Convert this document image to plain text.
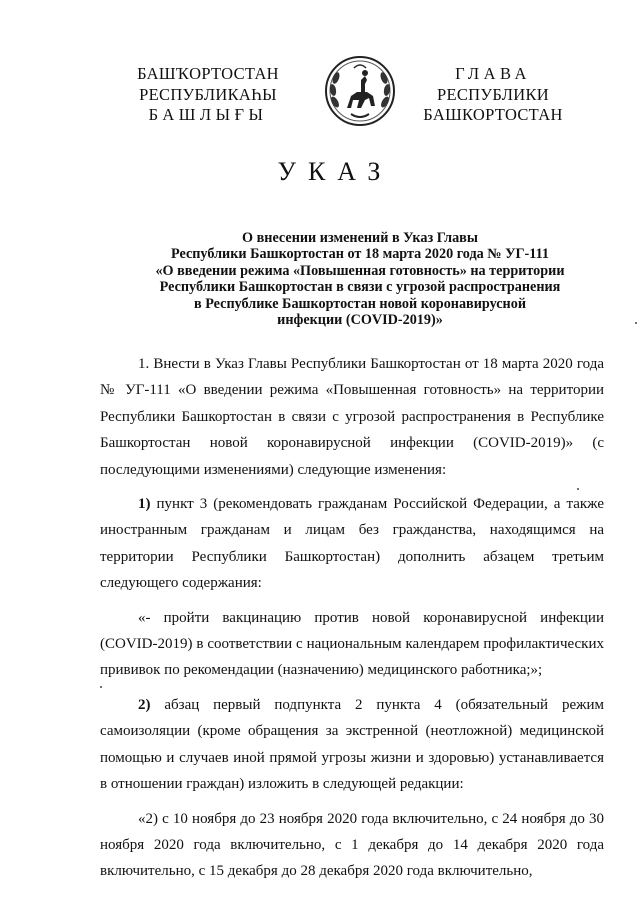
БАШҠОРТОСТАН
РЕСПУБЛИКАҺЫ
БАШЛЫҒЫ
ГЛАВА
РЕСПУБЛИКИ
БАШКОРТОСТАН
УКАЗ
О внесении изменений в Указ Главы
Республики Башкортостан от 18 марта 2020 года № УГ-111
«О введении режима «Повышенная готовность» на территории
Республики Башкортостан в связи с угрозой распространения
в Республике Башкортостан новой коронавирусной
инфекции (COVID-2019)»

1. Внести в Указ Главы Республики Башкортостан от 18 марта 2020 года № УГ-111 «О введении режима «Повышенная готовность» на территории Республики Башкортостан в связи с угрозой распространения в Республике Башкортостан новой коронавирусной инфекции (COVID-2019)» (с последующими изменениями) следующие изменения:

1) пункт 3 (рекомендовать гражданам Российской Федерации, а также иностранным гражданам и лицам без гражданства, находящимся на территории Республики Башкортостан) дополнить абзацем третьим следующего содержания:

«- пройти вакцинацию против новой коронавирусной инфекции (COVID-2019) в соответствии с национальным календарем профилактических прививок по рекомендации (назначению) медицинского работника;»;

2) абзац первый подпункта 2 пункта 4 (обязательный режим самоизоляции (кроме обращения за экстренной (неотложной) медицинской помощью и случаев иной прямой угрозы жизни и здоровью) устанавливается в отношении граждан) изложить в следующей редакции:

«2) с 10 ноября до 23 ноября 2020 года включительно, с 24 ноября до 30 ноября 2020 года включительно, с 1 декабря до 14 декабря 2020 года включительно, с 15 декабря до 28 декабря 2020 года включительно,
